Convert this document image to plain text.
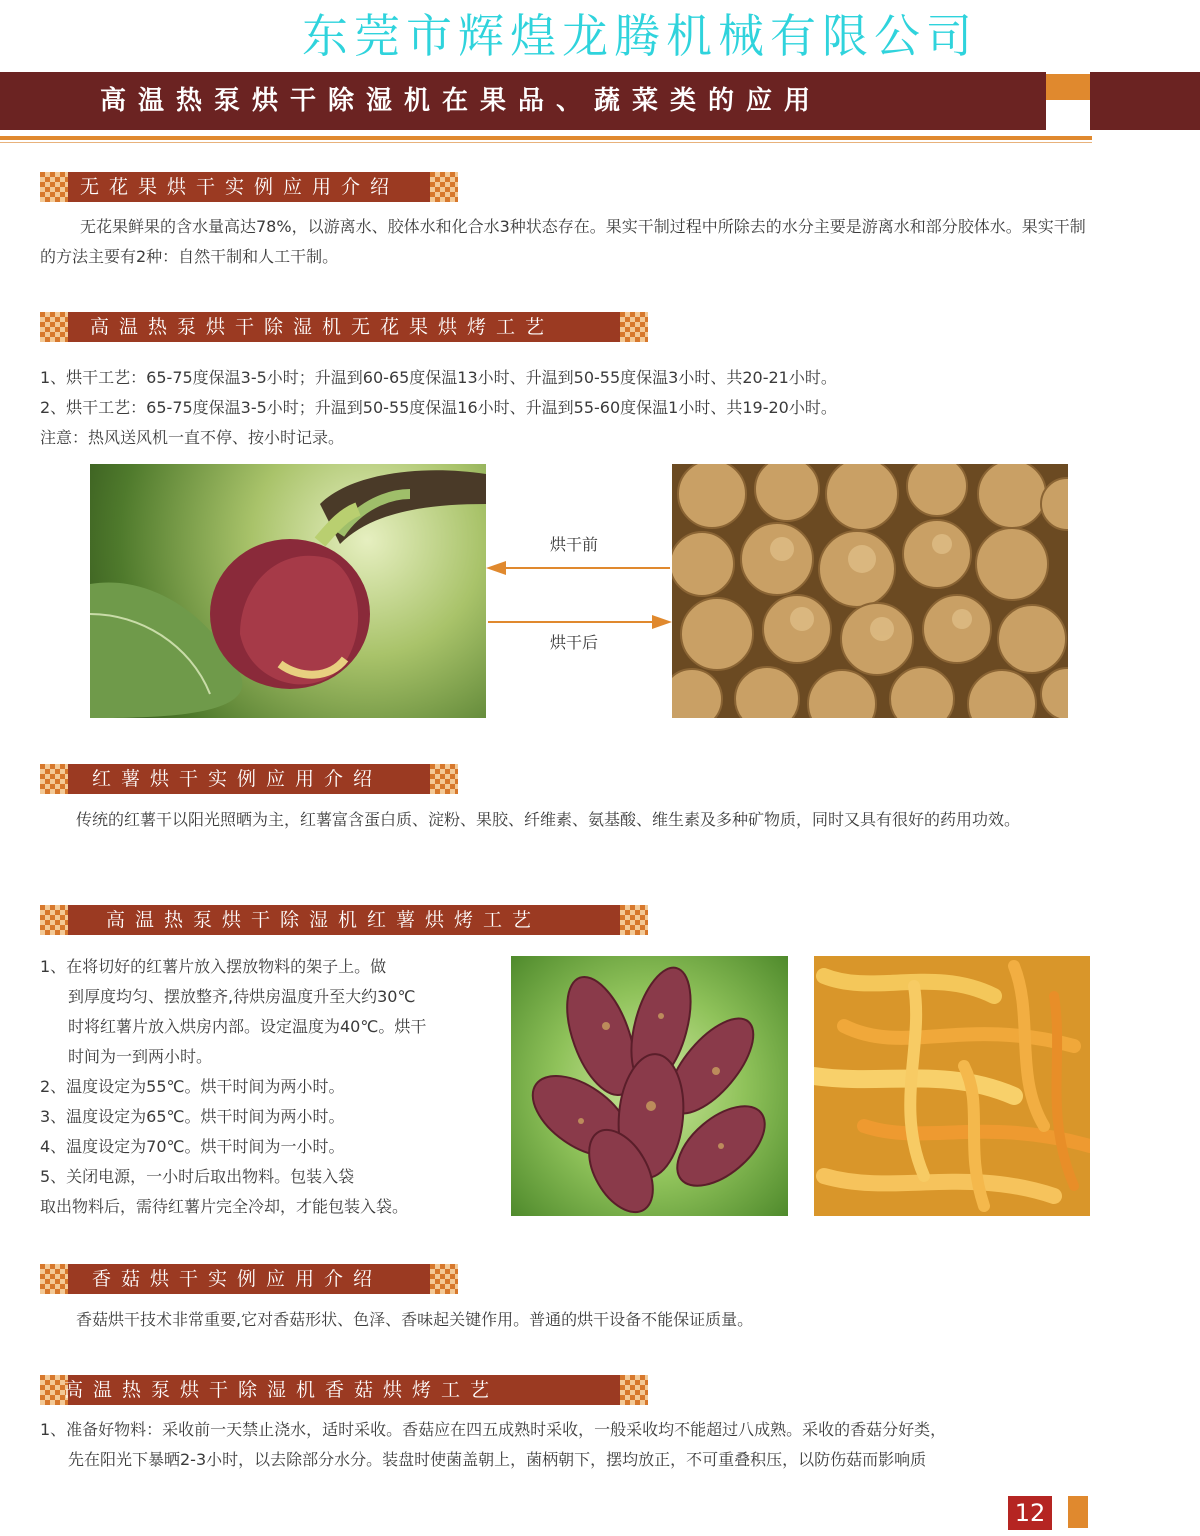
东莞市辉煌龙腾机械有限公司
高温热泵烘干除湿机在果品、蔬菜类的应用
无花果烘干实例应用介绍
无花果鲜果的含水量高达78%，以游离水、胶体水和化合水3种状态存在。果实干制过程中所除去的水分主要是游离水和部分胶体水。果实干制的方法主要有2种：自然干制和人工干制。
高温热泵烘干除湿机无花果烘烤工艺
1、烘干工艺：65-75度保温3-5小时；升温到60-65度保温13小时、升温到50-55度保温3小时、共20-21小时。
2、烘干工艺：65-75度保温3-5小时；升温到50-55度保温16小时、升温到55-60度保温1小时、共19-20小时。
注意：热风送风机一直不停、按小时记录。
烘干前
烘干后
红薯烘干实例应用介绍
传统的红薯干以阳光照晒为主，红薯富含蛋白质、淀粉、果胶、纤维素、氨基酸、维生素及多种矿物质，同时又具有很好的药用功效。
高温热泵烘干除湿机红薯烘烤工艺
1、在将切好的红薯片放入摆放物料的架子上。做
到厚度均匀、摆放整齐,待烘房温度升至大约30℃
时将红薯片放入烘房内部。设定温度为40℃。烘干
时间为一到两小时。
2、温度设定为55℃。烘干时间为两小时。
3、温度设定为65℃。烘干时间为两小时。
4、温度设定为70℃。烘干时间为一小时。
5、关闭电源，一小时后取出物料。包装入袋
取出物料后，需待红薯片完全冷却，才能包装入袋。
香菇烘干实例应用介绍
香菇烘干技术非常重要,它对香菇形状、色泽、香味起关键作用。普通的烘干设备不能保证质量。
高温热泵烘干除湿机香菇烘烤工艺
1、准备好物料：采收前一天禁止浇水，适时采收。香菇应在四五成熟时采收，一般采收均不能超过八成熟。采收的香菇分好类，
先在阳光下暴晒2-3小时，以去除部分水分。装盘时使菌盖朝上，菌柄朝下，摆均放正，不可重叠积压，以防伤菇而影响质
12
